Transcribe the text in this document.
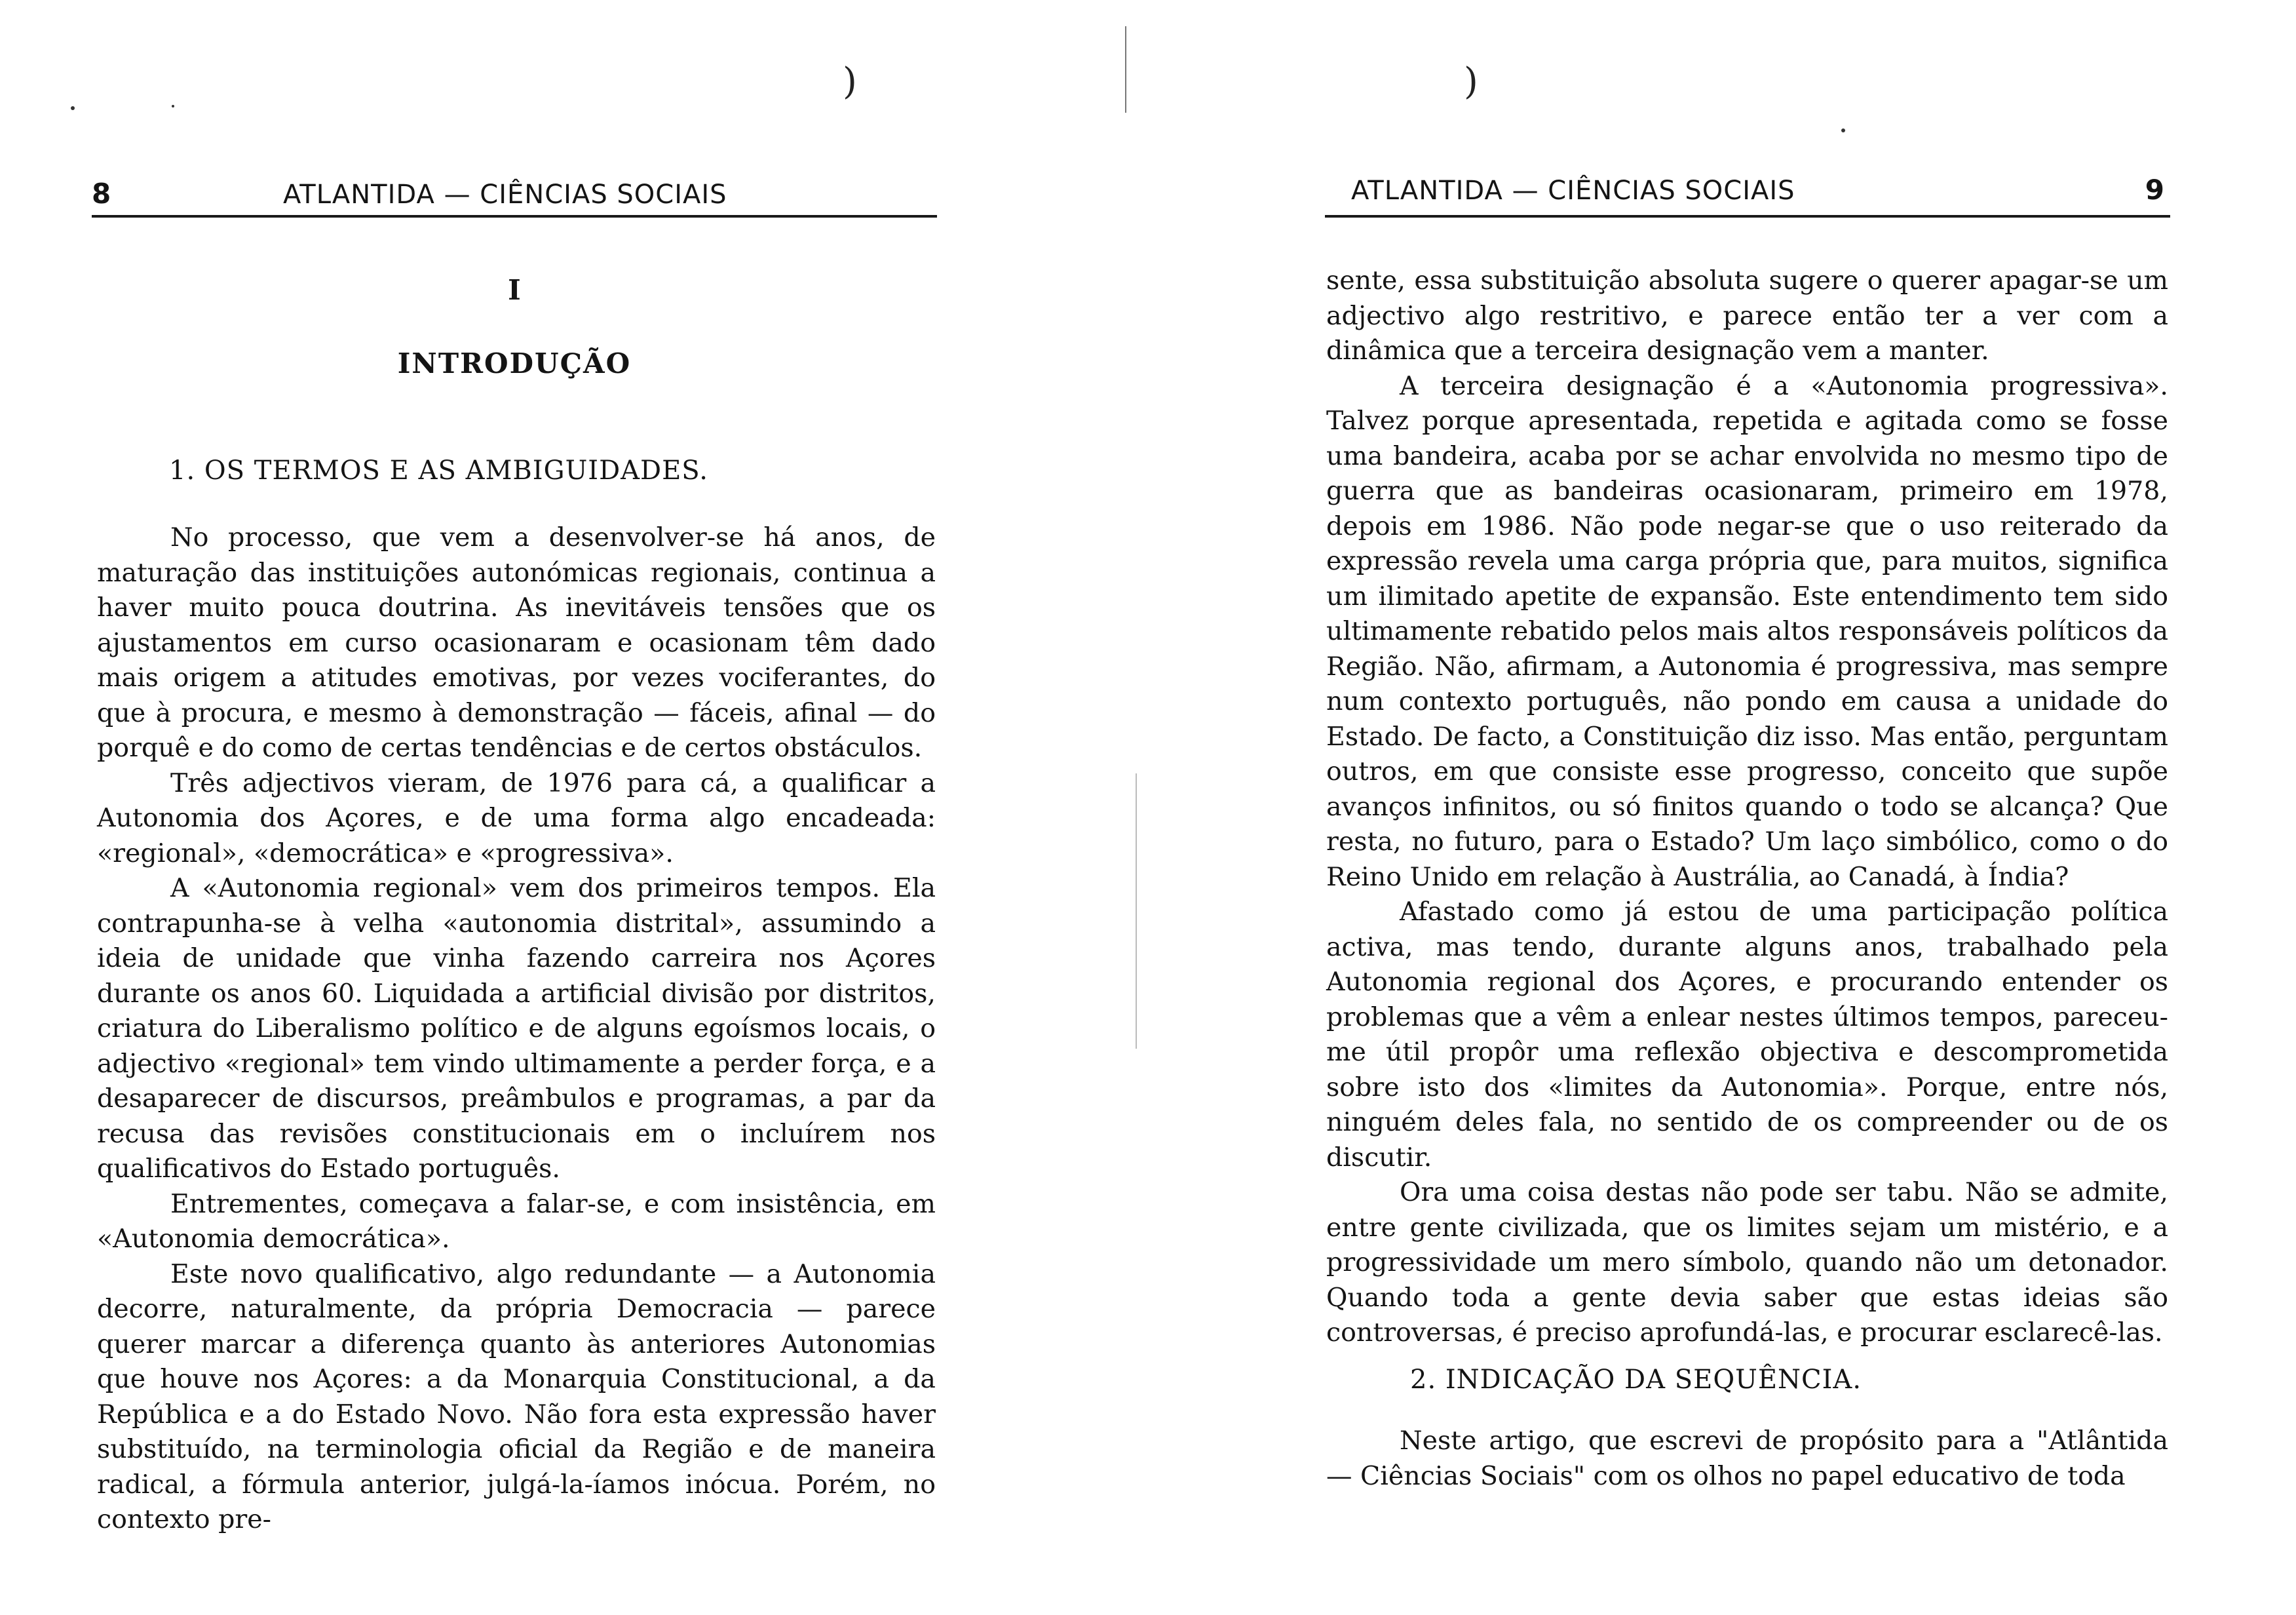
)
8	ATLANTIDA — CIÊNCIAS SOCIAIS
I
INTRODUÇÃO
1. OS TERMOS E AS AMBIGUIDADES.

No processo, que vem a desenvolver-se há anos, de maturação das instituições autonómicas regionais, continua a haver muito pouca doutrina. As inevitáveis tensões que os ajustamentos em curso ocasionaram e ocasionam têm dado mais origem a atitudes emotivas, por vezes vociferantes, do que à procura, e mesmo à demonstração — fáceis, afinal — do porquê e do como de certas tendências e de certos obstáculos.

Três adjectivos vieram, de 1976 para cá, a qualificar a Autonomia dos Açores, e de uma forma algo encadeada: «regional», «democrática» e «progressiva».

A «Autonomia regional» vem dos primeiros tempos. Ela contrapunha-se à velha «autonomia distrital», assumindo a ideia de unidade que vinha fazendo carreira nos Açores durante os anos 60. Liquidada a artificial divisão por distritos, criatura do Liberalismo político e de alguns egoísmos locais, o adjectivo «regional» tem vindo ultimamente a perder força, e a desaparecer de discursos, preâmbulos e programas, a par da recusa das revisões constitucionais em o incluírem nos qualificativos do Estado português.

Entrementes, começava a falar-se, e com insistência, em «Autonomia democrática».

Este novo qualificativo, algo redundante — a Autonomia decorre, naturalmente, da própria Democracia — parece querer marcar a diferença quanto às anteriores Autonomias que houve nos Açores: a da Monarquia Constitucional, a da República e a do Estado Novo. Não fora esta expressão haver substituído, na terminologia oficial da Região e de maneira radical, a fórmula anterior, julgá-la-íamos inócua. Porém, no contexto pre-

)
ATLANTIDA — CIÊNCIAS SOCIAIS	9

sente, essa substituição absoluta sugere o querer apagar-se um adjectivo algo restritivo, e parece então ter a ver com a dinâmica que a terceira designação vem a manter.

A terceira designação é a «Autonomia progressiva». Talvez porque apresentada, repetida e agitada como se fosse uma bandeira, acaba por se achar envolvida no mesmo tipo de guerra que as bandeiras ocasionaram, primeiro em 1978, depois em 1986. Não pode negar-se que o uso reiterado da expressão revela uma carga própria que, para muitos, significa um ilimitado apetite de expansão. Este entendimento tem sido ultimamente rebatido pelos mais altos responsáveis políticos da Região. Não, afirmam, a Autonomia é progressiva, mas sempre num contexto português, não pondo em causa a unidade do Estado. De facto, a Constituição diz isso. Mas então, perguntam outros, em que consiste esse progresso, conceito que supõe avanços infinitos, ou só finitos quando o todo se alcança? Que resta, no futuro, para o Estado? Um laço simbólico, como o do Reino Unido em relação à Austrália, ao Canadá, à Índia?

Afastado como já estou de uma participação política activa, mas tendo, durante alguns anos, trabalhado pela Autonomia regional dos Açores, e procurando entender os problemas que a vêm a enlear nestes últimos tempos, pareceu-me útil propôr uma reflexão objectiva e descomprometida sobre isto dos «limites da Autonomia». Porque, entre nós, ninguém deles fala, no sentido de os compreender ou de os discutir.

Ora uma coisa destas não pode ser tabu. Não se admite, entre gente civilizada, que os limites sejam um mistério, e a progressividade um mero símbolo, quando não um detonador. Quando toda a gente devia saber que estas ideias são controversas, é preciso aprofundá-las, e procurar esclarecê-las.

2. INDICAÇÃO DA SEQUÊNCIA.

Neste artigo, que escrevi de propósito para a "Atlântida — Ciências Sociais" com os olhos no papel educativo de toda
